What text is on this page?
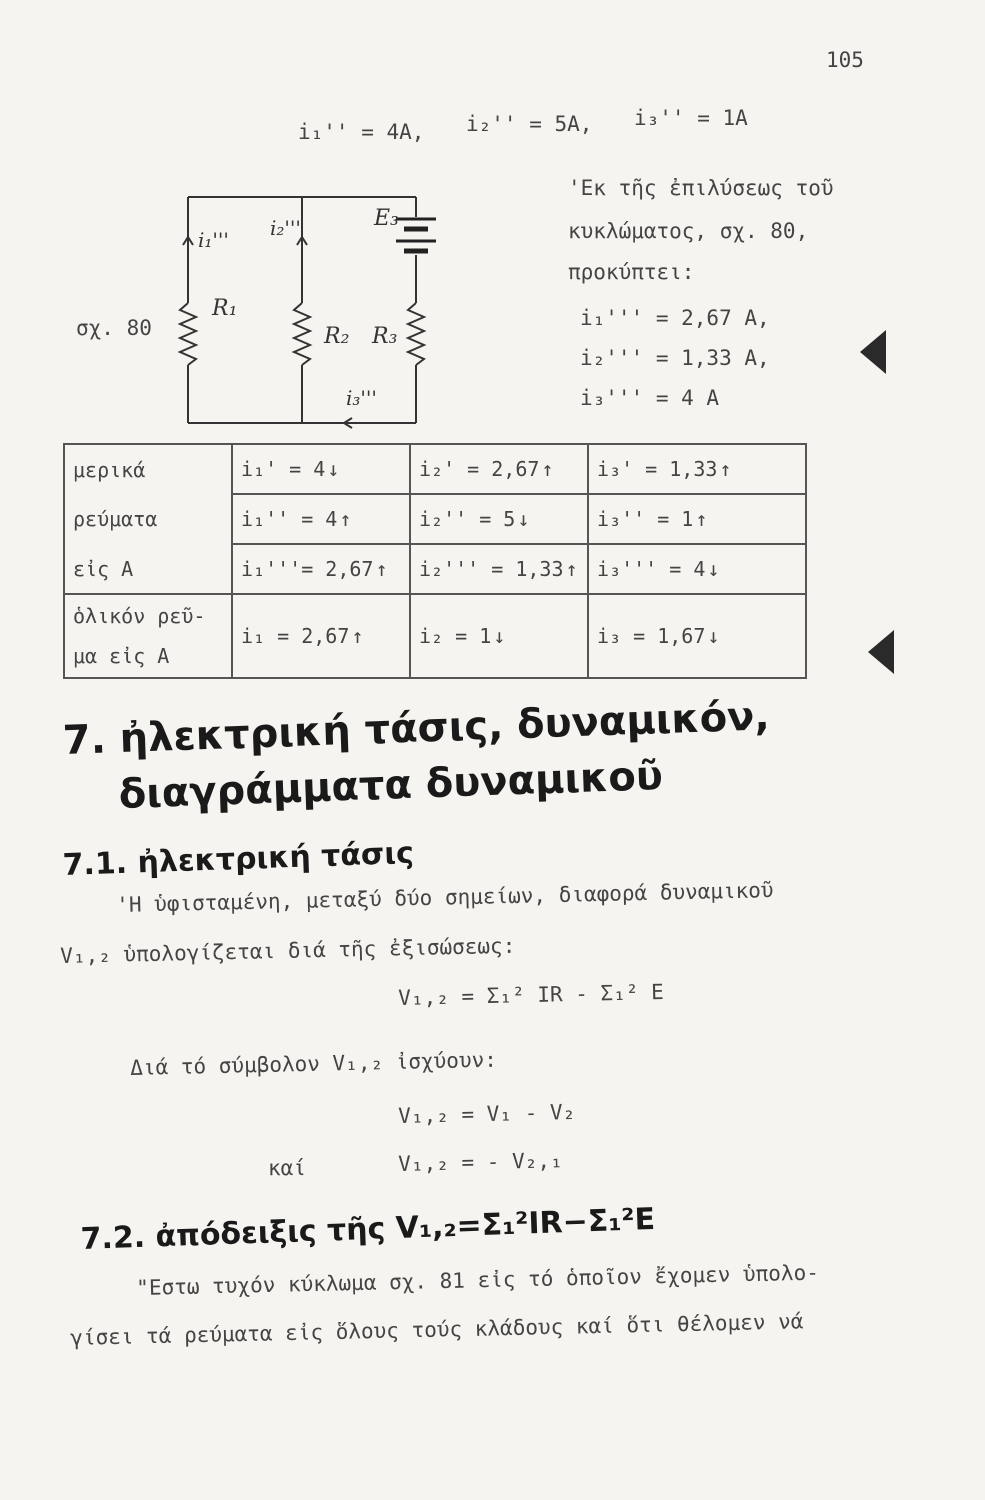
105
i₁'' = 4A, i₂'' = 5A, i₃'' = 1A
σχ. 80
i₁''' i₂'''
i₃'''
R₁
R₂ R₃
E₃
'Εκ τῆς ἐπιλύσεως τοῦ
κυκλώματος, σχ. 80,
προκύπτει:
i₁''' = 2,67 A,
i₂''' = 1,33 A,
i₃''' = 4 A
μερικά	i₁' = 4 ↓	i₂' = 2,67 ↑	i₃' = 1,33 ↑
ρεύματα	i₁'' = 4 ↑	i₂'' = 5 ↓	i₃'' = 1 ↑
εἰς A	i₁'''= 2,67 ↑	i₂''' = 1,33 ↑	i₃''' = 4 ↓

ὁλικόν ρεῦ-
μα εἰς A	i₁ = 2,67 ↑	i₂ = 1 ↓	i₃ = 1,67 ↓
7. ἠλεκτρική τάσις, δυναμικόν,
διαγράμματα δυναμικοῦ
7.1. ἠλεκτρική τάσις
'Η ὑφισταμένη, μεταξύ δύο σημείων, διαφορά δυναμικοῦ
V₁,₂ ὑπολογίζεται διά τῆς ἐξισώσεως:
V₁,₂ = Σ₁² IR - Σ₁² E
Διά τό σύμβολον V₁,₂ ἰσχύουν:
V₁,₂ = V₁ - V₂
καί	V₁,₂ = - V₂,₁
7.2. ἀπόδειξις τῆς V₁,₂=Σ₁²IR−Σ₁²E
"Εστω τυχόν κύκλωμα σχ. 81 εἰς τό ὁποῖον ἔχομεν ὑπολο-
γίσει τά ρεύματα εἰς ὅλους τούς κλάδους καί ὅτι θέλομεν νά
